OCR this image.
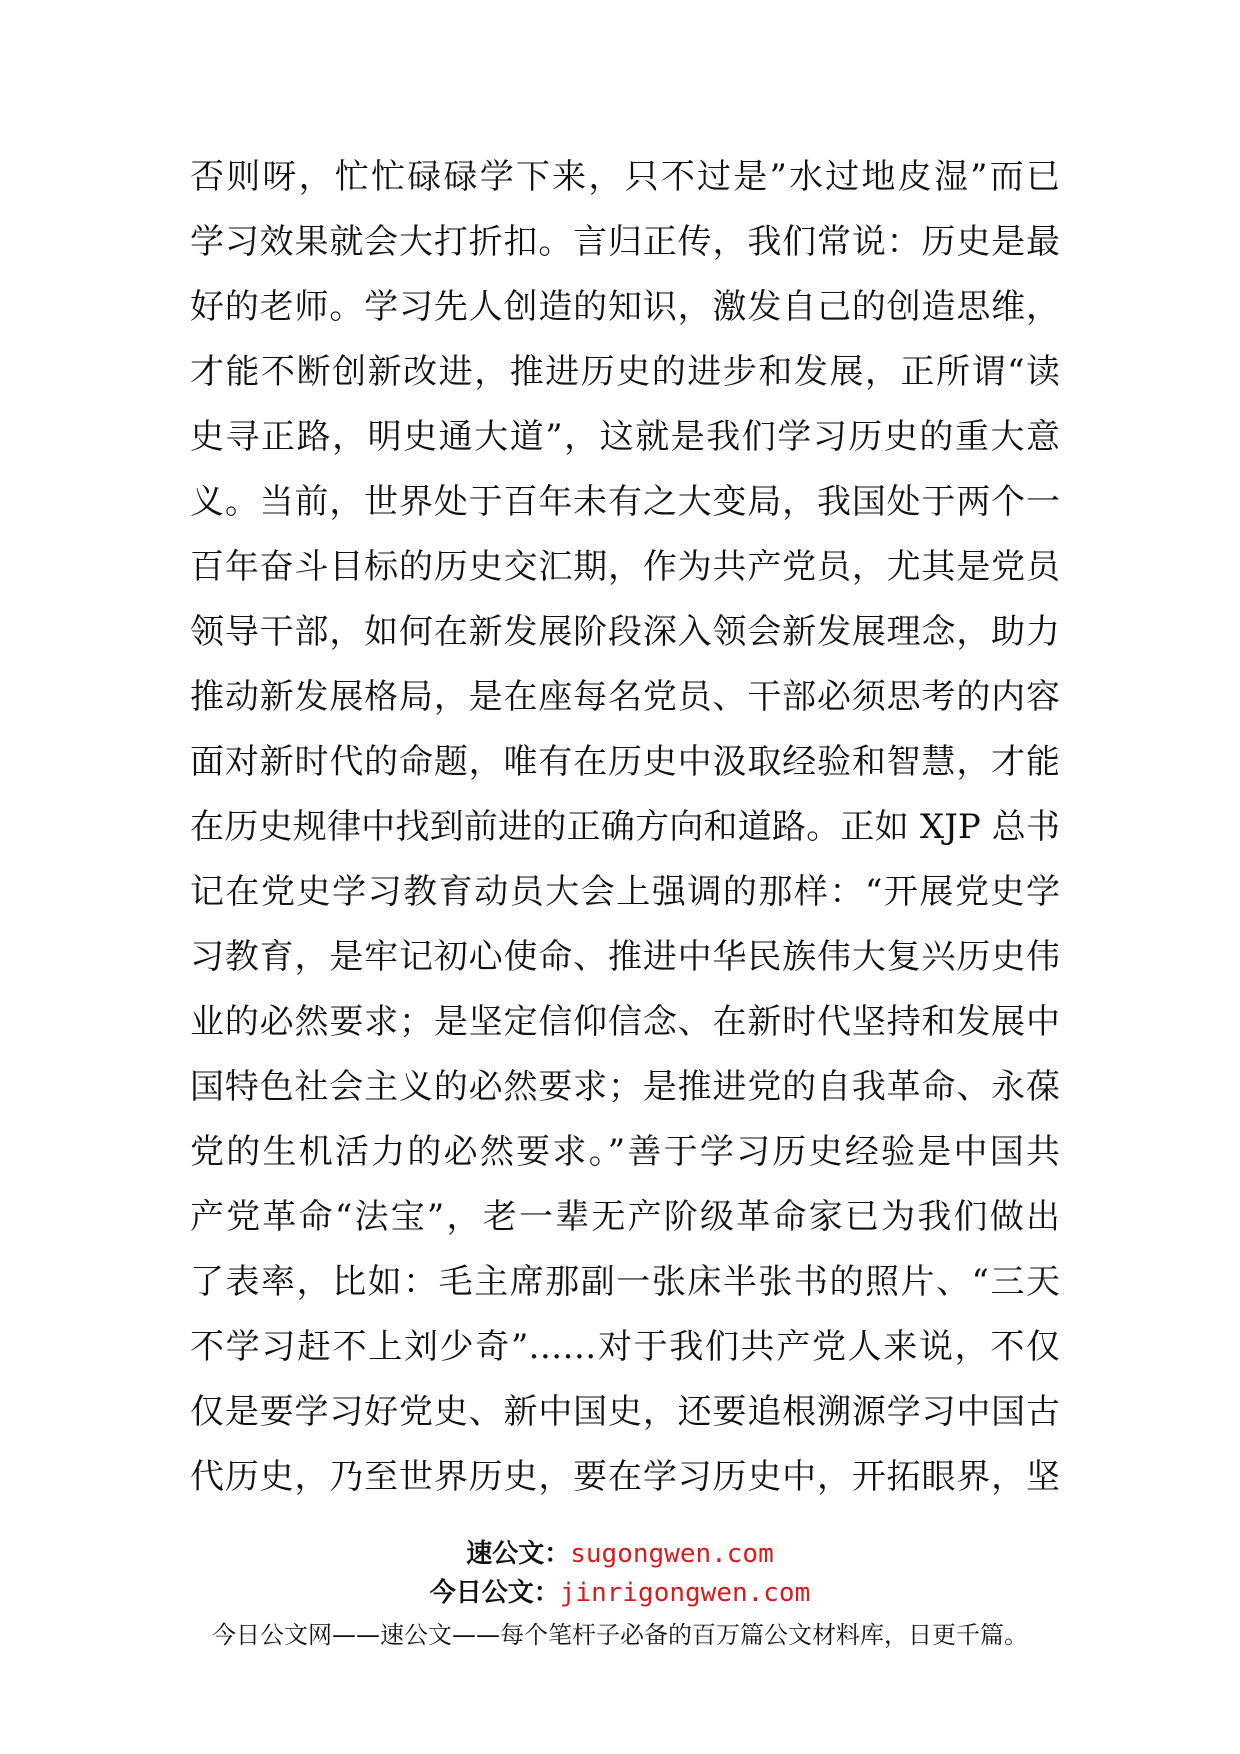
否则呀，忙忙碌碌学下来，只不过是”水过地皮湿”而已
学习效果就会大打折扣。言归正传，我们常说：历史是最
好的老师。学习先人创造的知识，激发自己的创造思维，
才能不断创新改进，推进历史的进步和发展，正所谓“读
史寻正路，明史通大道”，这就是我们学习历史的重大意
义。当前，世界处于百年未有之大变局，我国处于两个一
百年奋斗目标的历史交汇期，作为共产党员，尤其是党员
领导干部，如何在新发展阶段深入领会新发展理念，助力
推动新发展格局，是在座每名党员、干部必须思考的内容
面对新时代的命题，唯有在历史中汲取经验和智慧，才能
在历史规律中找到前进的正确方向和道路。正如 XJP 总书
记在党史学习教育动员大会上强调的那样：“开展党史学
习教育，是牢记初心使命、推进中华民族伟大复兴历史伟
业的必然要求；是坚定信仰信念、在新时代坚持和发展中
国特色社会主义的必然要求；是推进党的自我革命、永葆
党的生机活力的必然要求。”善于学习历史经验是中国共
产党革命“法宝”，老一辈无产阶级革命家已为我们做出
了表率，比如：毛主席那副一张床半张书的照片、“三天
不学习赶不上刘少奇”……对于我们共产党人来说，不仅
仅是要学习好党史、新中国史，还要追根溯源学习中国古
代历史，乃至世界历史，要在学习历史中，开拓眼界，坚
速公文：sugongwen.com
今日公文：jinrigongwen.com
今日公文网——速公文——每个笔杆子必备的百万篇公文材料库，日更千篇。
